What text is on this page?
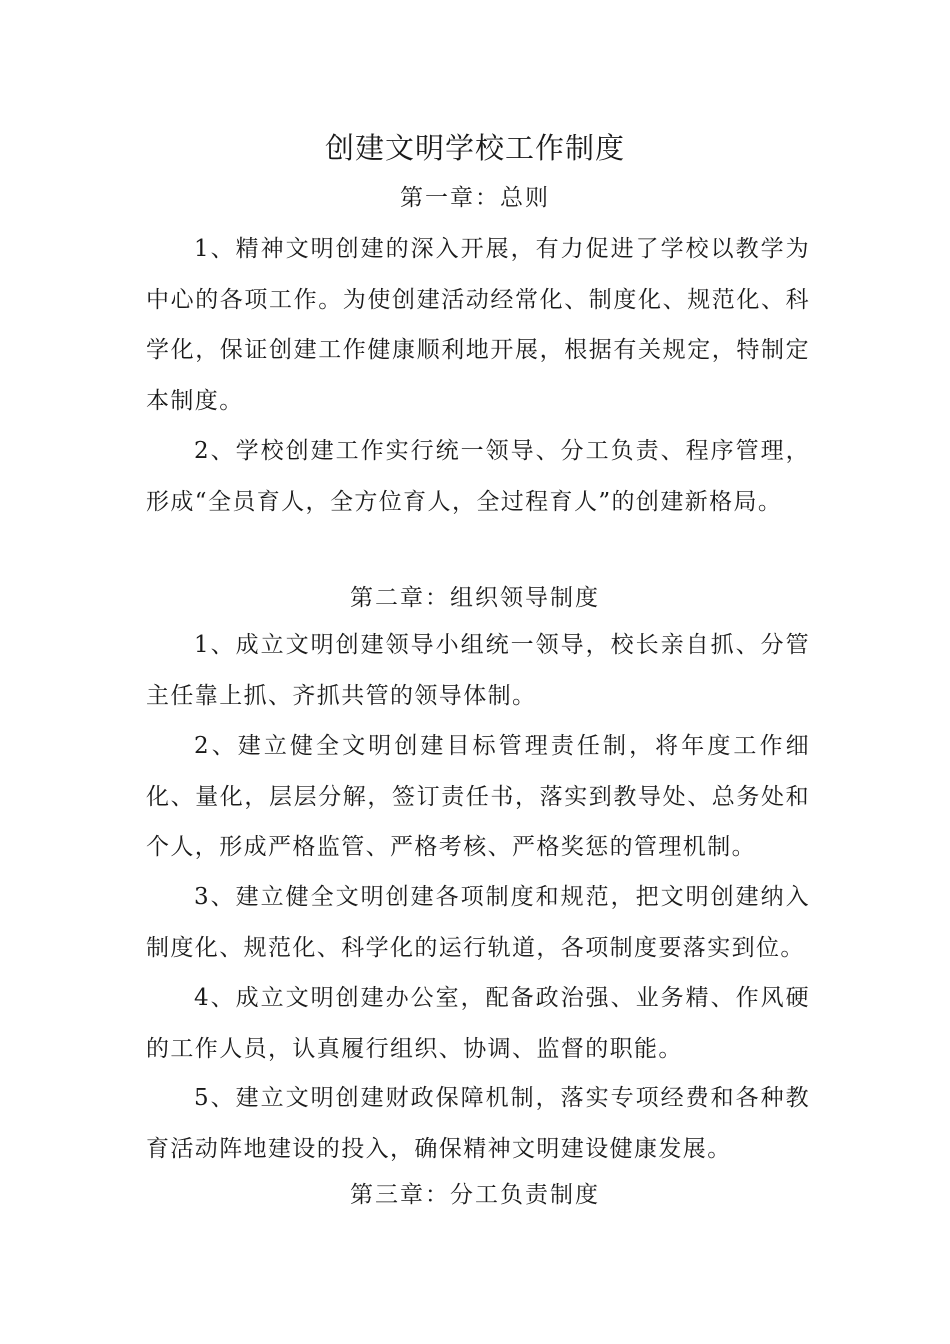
创建文明学校工作制度
第一章：总则

1、精神文明创建的深入开展，有力促进了学校以教学为中心的各项工作。为使创建活动经常化、制度化、规范化、科学化，保证创建工作健康顺利地开展，根据有关规定，特制定本制度。

2、学校创建工作实行统一领导、分工负责、程序管理，形成“全员育人，全方位育人，全过程育人”的创建新格局。

第二章：组织领导制度

1、成立文明创建领导小组统一领导，校长亲自抓、分管主任靠上抓、齐抓共管的领导体制。

2、建立健全文明创建目标管理责任制，将年度工作细化、量化，层层分解，签订责任书，落实到教导处、总务处和个人，形成严格监管、严格考核、严格奖惩的管理机制。

3、建立健全文明创建各项制度和规范，把文明创建纳入制度化、规范化、科学化的运行轨道，各项制度要落实到位。

4、成立文明创建办公室，配备政治强、业务精、作风硬的工作人员，认真履行组织、协调、监督的职能。

5、建立文明创建财政保障机制，落实专项经费和各种教育活动阵地建设的投入，确保精神文明建设健康发展。

第三章：分工负责制度
